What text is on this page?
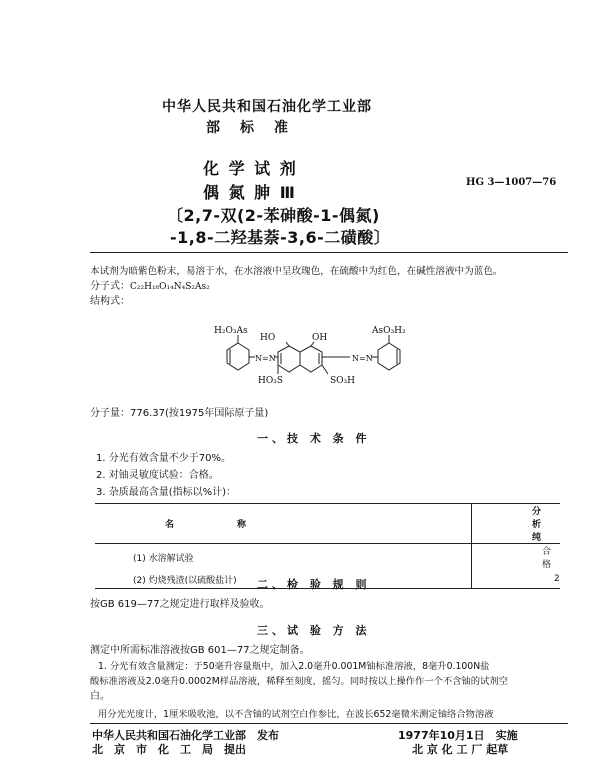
中华人民共和国石油化学工业部
部　标　准
化 学 试 剂
偶 氮 胂 Ⅲ
〔2,7-双(2-苯砷酸-1-偶氮)
-1,8-二羟基萘-3,6-二磺酸〕
HG 3—1007—76
本试剂为暗紫色粉末，易溶于水，在水溶液中呈玫瑰色，在硫酸中为红色，在碱性溶液中为蓝色。
分子式：C₂₂H₁₈O₁₄N₄S₂As₂
结构式：
H₂O₃As
HO	OH
AsO₃H₂
N=N	N=N
HO₃S	SO₃H
分子量：776.37(按1975年国际原子量)
一、技 术 条 件
1. 分光有效含量不少于70%。
2. 对铀灵敏度试验：合格。
3. 杂质最高含量(指标以%计)：
名　　　　　　　称	分　　析　　纯
(1) 水溶解试验	合　格
(2) 灼烧残渣(以硫酸盐计)	2
二、检 验 规 则
按GB 619—77之规定进行取样及验收。
三、试 验 方 法
测定中所需标准溶液按GB 601—77之规定制备。
1. 分光有效含量测定：于50毫升容量瓶中，加入2.0毫升0.001M铀标准溶液，8毫升0.100N盐
酸标准溶液及2.0毫升0.0002M样品溶液，稀释至刻度，摇匀。同时按以上操作作一个不含铀的试剂空
白。
用分光光度计，1厘米吸收池，以不含铀的试剂空白作参比，在波长652毫微米测定铀络合物溶液
中华人民共和国石油化学工业部　发布
北　京　市　化　工　局　提出
1977年10月1日　实施
北 京 化 工 厂 起草
